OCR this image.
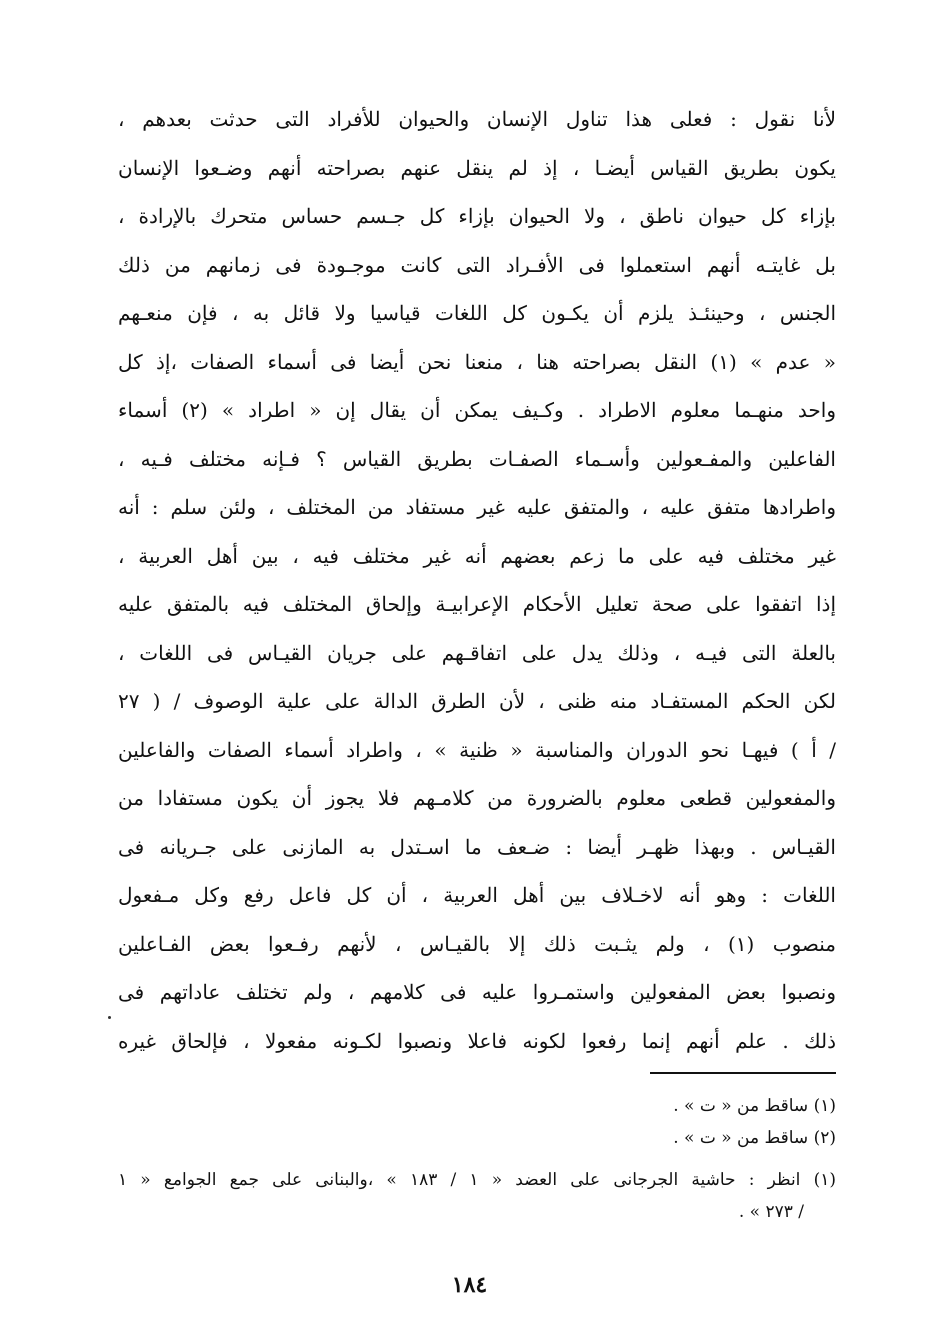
لأنا نقول : فعلى هذا تناول الإنسان والحيوان للأفراد التى حدثت بعدهم ،
يكون بطريق القياس أيضـا ، إذ لم ينقل عنهم بصراحته أنهم وضـعوا الإنسان
بإزاء كل حيوان ناطق ، ولا الحيوان بإزاء كل جـسم حساس متحرك بالإرادة ،
بل غايتـه أنهم استعملوا فى الأفـراد التى كانت موجـودة فى زمانهم من ذلك
الجنس ، وحينئـذ يلزم أن يكـون كل اللغات قياسيا ولا قائل به ، فإن منعـهم
« عدم » (١) النقل بصراحته هنا ، منعنا نحن أيضا فى أسماء الصفات ،إذ كل
واحد منهـما معلوم الاطراد . وكـيف يمكن أن يقال إن « اطراد » (٢) أسماء
الفاعلين والمفـعولين وأسـماء الصفـات بطريق القياس ؟ فـإنه مختلف فـيه ،
واطرادها متفق عليه ، والمتفق عليه غير مستفاد من المختلف ، ولئن سلم : أنه
غير مختلف فيه على ما زعم بعضهم أنه غير مختلف فيه ، بين أهل العربية ،
إذا اتفقوا على صحة تعليل الأحكام الإعرابيـة وإلحاق المختلف فيه بالمتفق عليه
بالعلة التى فيـه ، وذلك يدل على اتفاقـهم على جريان القيـاس فى اللغات ،
لكن الحكم المستفـاد منه ظنى ، لأن الطرق الدالة على علية الوصوف / ( ٢٧
/ أ ) فيهـا نحو الدوران والمناسبة « ظنية » ، واطراد أسماء الصفات والفاعلين
والمفعولين قطعى معلوم بالضرورة من كلامـهم فلا يجوز أن يكون مستفادا من
القيـاس . وبهذا ظهـر أيضا : ضـعف ما اسـتدل به المازنى على جـريانه فى
اللغات : وهو أنه لاخـلاف بين أهل العربية ، أن كل فاعل رفع وكل مـفعول
منصوب (١) ، ولم يثـبت ذلك إلا بالقيـاس ، لأنهم رفـعوا بعض الفـاعلين
ونصبوا بعض المفعولين واستمـروا عليه فى كلامهم ، ولم تختلف عاداتهم فى
ذلك . علم أنهم إنما رفعوا لكونه فاعلا ونصبوا لكـونه مفعولا ، فإلحاق غيره
(١) ساقط من « ت » .
(٢) ساقط من « ت » .
(١) انظر : حاشية الجرجانى على العضد « ١ / ١٨٣ » ،والبنانى على جمع الجوامع « ١
/ ٢٧٣ » .
١٨٤
